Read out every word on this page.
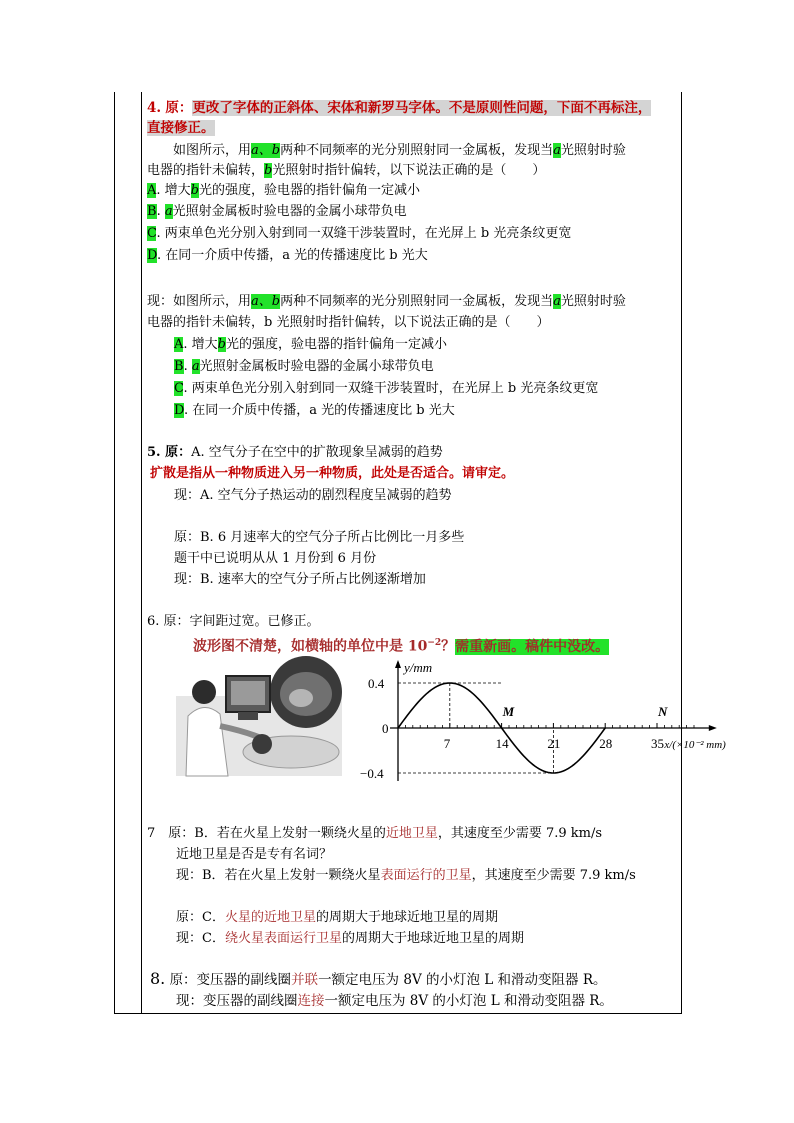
4. 原：更改了字体的正斜体、宋体和新罗马字体。不是原则性问题，下面不再标注，
直接修正。
如图所示，用a、b两种不同频率的光分别照射同一金属板，发现当a光照射时验
电器的指针未偏转，b光照射时指针偏转，以下说法正确的是（　　）
A. 增大b光的强度，验电器的指针偏角一定减小
B. a光照射金属板时验电器的金属小球带负电
C. 两束单色光分别入射到同一双缝干涉装置时，在光屏上 b 光亮条纹更宽
D. 在同一介质中传播，a 光的传播速度比 b 光大
现：如图所示，用a、b两种不同频率的光分别照射同一金属板，发现当a光照射时验
电器的指针未偏转，b 光照射时指针偏转，以下说法正确的是（　　）
A. 增大b光的强度，验电器的指针偏角一定减小
B. a光照射金属板时验电器的金属小球带负电
C. 两束单色光分别入射到同一双缝干涉装置时，在光屏上 b 光亮条纹更宽
D. 在同一介质中传播，a 光的传播速度比 b 光大
5. 原：A. 空气分子在空中的扩散现象呈减弱的趋势
扩散是指从一种物质进入另一种物质，此处是否适合。请审定。
现：A. 空气分子热运动的剧烈程度呈减弱的趋势
原：B. 6 月速率大的空气分子所占比例比一月多些
题干中已说明从从 1 月份到 6 月份
现：B. 速率大的空气分子所占比例逐渐增加
6. 原：字间距过宽。已修正。
波形图不清楚，如横轴的单位中是 $10^{-2}$？需重新画。稿件中没改。
y/mm
0.4
0
−0.4
7	14	21	28	35 x/(×10⁻² mm)
M	N
7　原：B．若在火星上发射一颗绕火星的近地卫星，其速度至少需要 7.9 km/s
近地卫星是否是专有名词？
现：B．若在火星上发射一颗绕火星表面运行的卫星，其速度至少需要 7.9 km/s
原：C．火星的近地卫星的周期大于地球近地卫星的周期
现：C．绕火星表面运行卫星的周期大于地球近地卫星的周期
8. 原：变压器的副线圈并联一额定电压为 8V 的小灯泡 L 和滑动变阻器 R。
现：变压器的副线圈连接一额定电压为 8V 的小灯泡 L 和滑动变阻器 R。
